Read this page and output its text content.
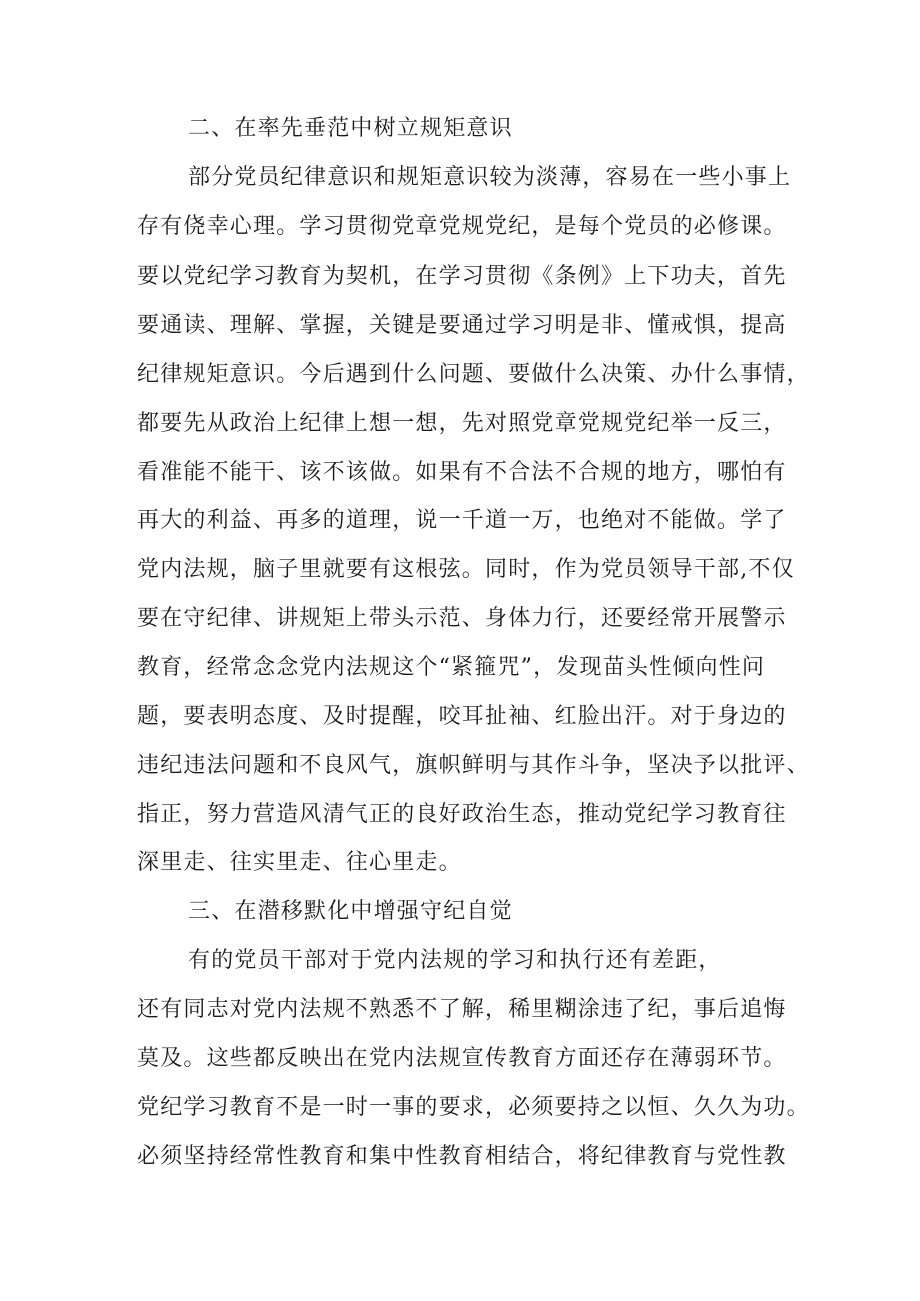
二、在率先垂范中树立规矩意识
部分党员纪律意识和规矩意识较为淡薄，容易在一些小事上
存有侥幸心理。学习贯彻党章党规党纪，是每个党员的必修课。
要以党纪学习教育为契机，在学习贯彻《条例》上下功夫，首先
要通读、理解、掌握，关键是要通过学习明是非、懂戒惧，提高
纪律规矩意识。今后遇到什么问题、要做什么决策、办什么事情，
都要先从政治上纪律上想一想，先对照党章党规党纪举一反三，
看准能不能干、该不该做。如果有不合法不合规的地方，哪怕有
再大的利益、再多的道理，说一千道一万，也绝对不能做。学了
党内法规，脑子里就要有这根弦。同时，作为党员领导干部,不仅
要在守纪律、讲规矩上带头示范、身体力行，还要经常开展警示
教育，经常念念党内法规这个“紧箍咒”，发现苗头性倾向性问
题，要表明态度、及时提醒，咬耳扯袖、红脸出汗。对于身边的
违纪违法问题和不良风气，旗帜鲜明与其作斗争，坚决予以批评、
指正，努力营造风清气正的良好政治生态，推动党纪学习教育往
深里走、往实里走、往心里走。
三、在潜移默化中增强守纪自觉
有的党员干部对于党内法规的学习和执行还有差距，
还有同志对党内法规不熟悉不了解，稀里糊涂违了纪，事后追悔
莫及。这些都反映出在党内法规宣传教育方面还存在薄弱环节。
党纪学习教育不是一时一事的要求，必须要持之以恒、久久为功。
必须坚持经常性教育和集中性教育相结合，将纪律教育与党性教
